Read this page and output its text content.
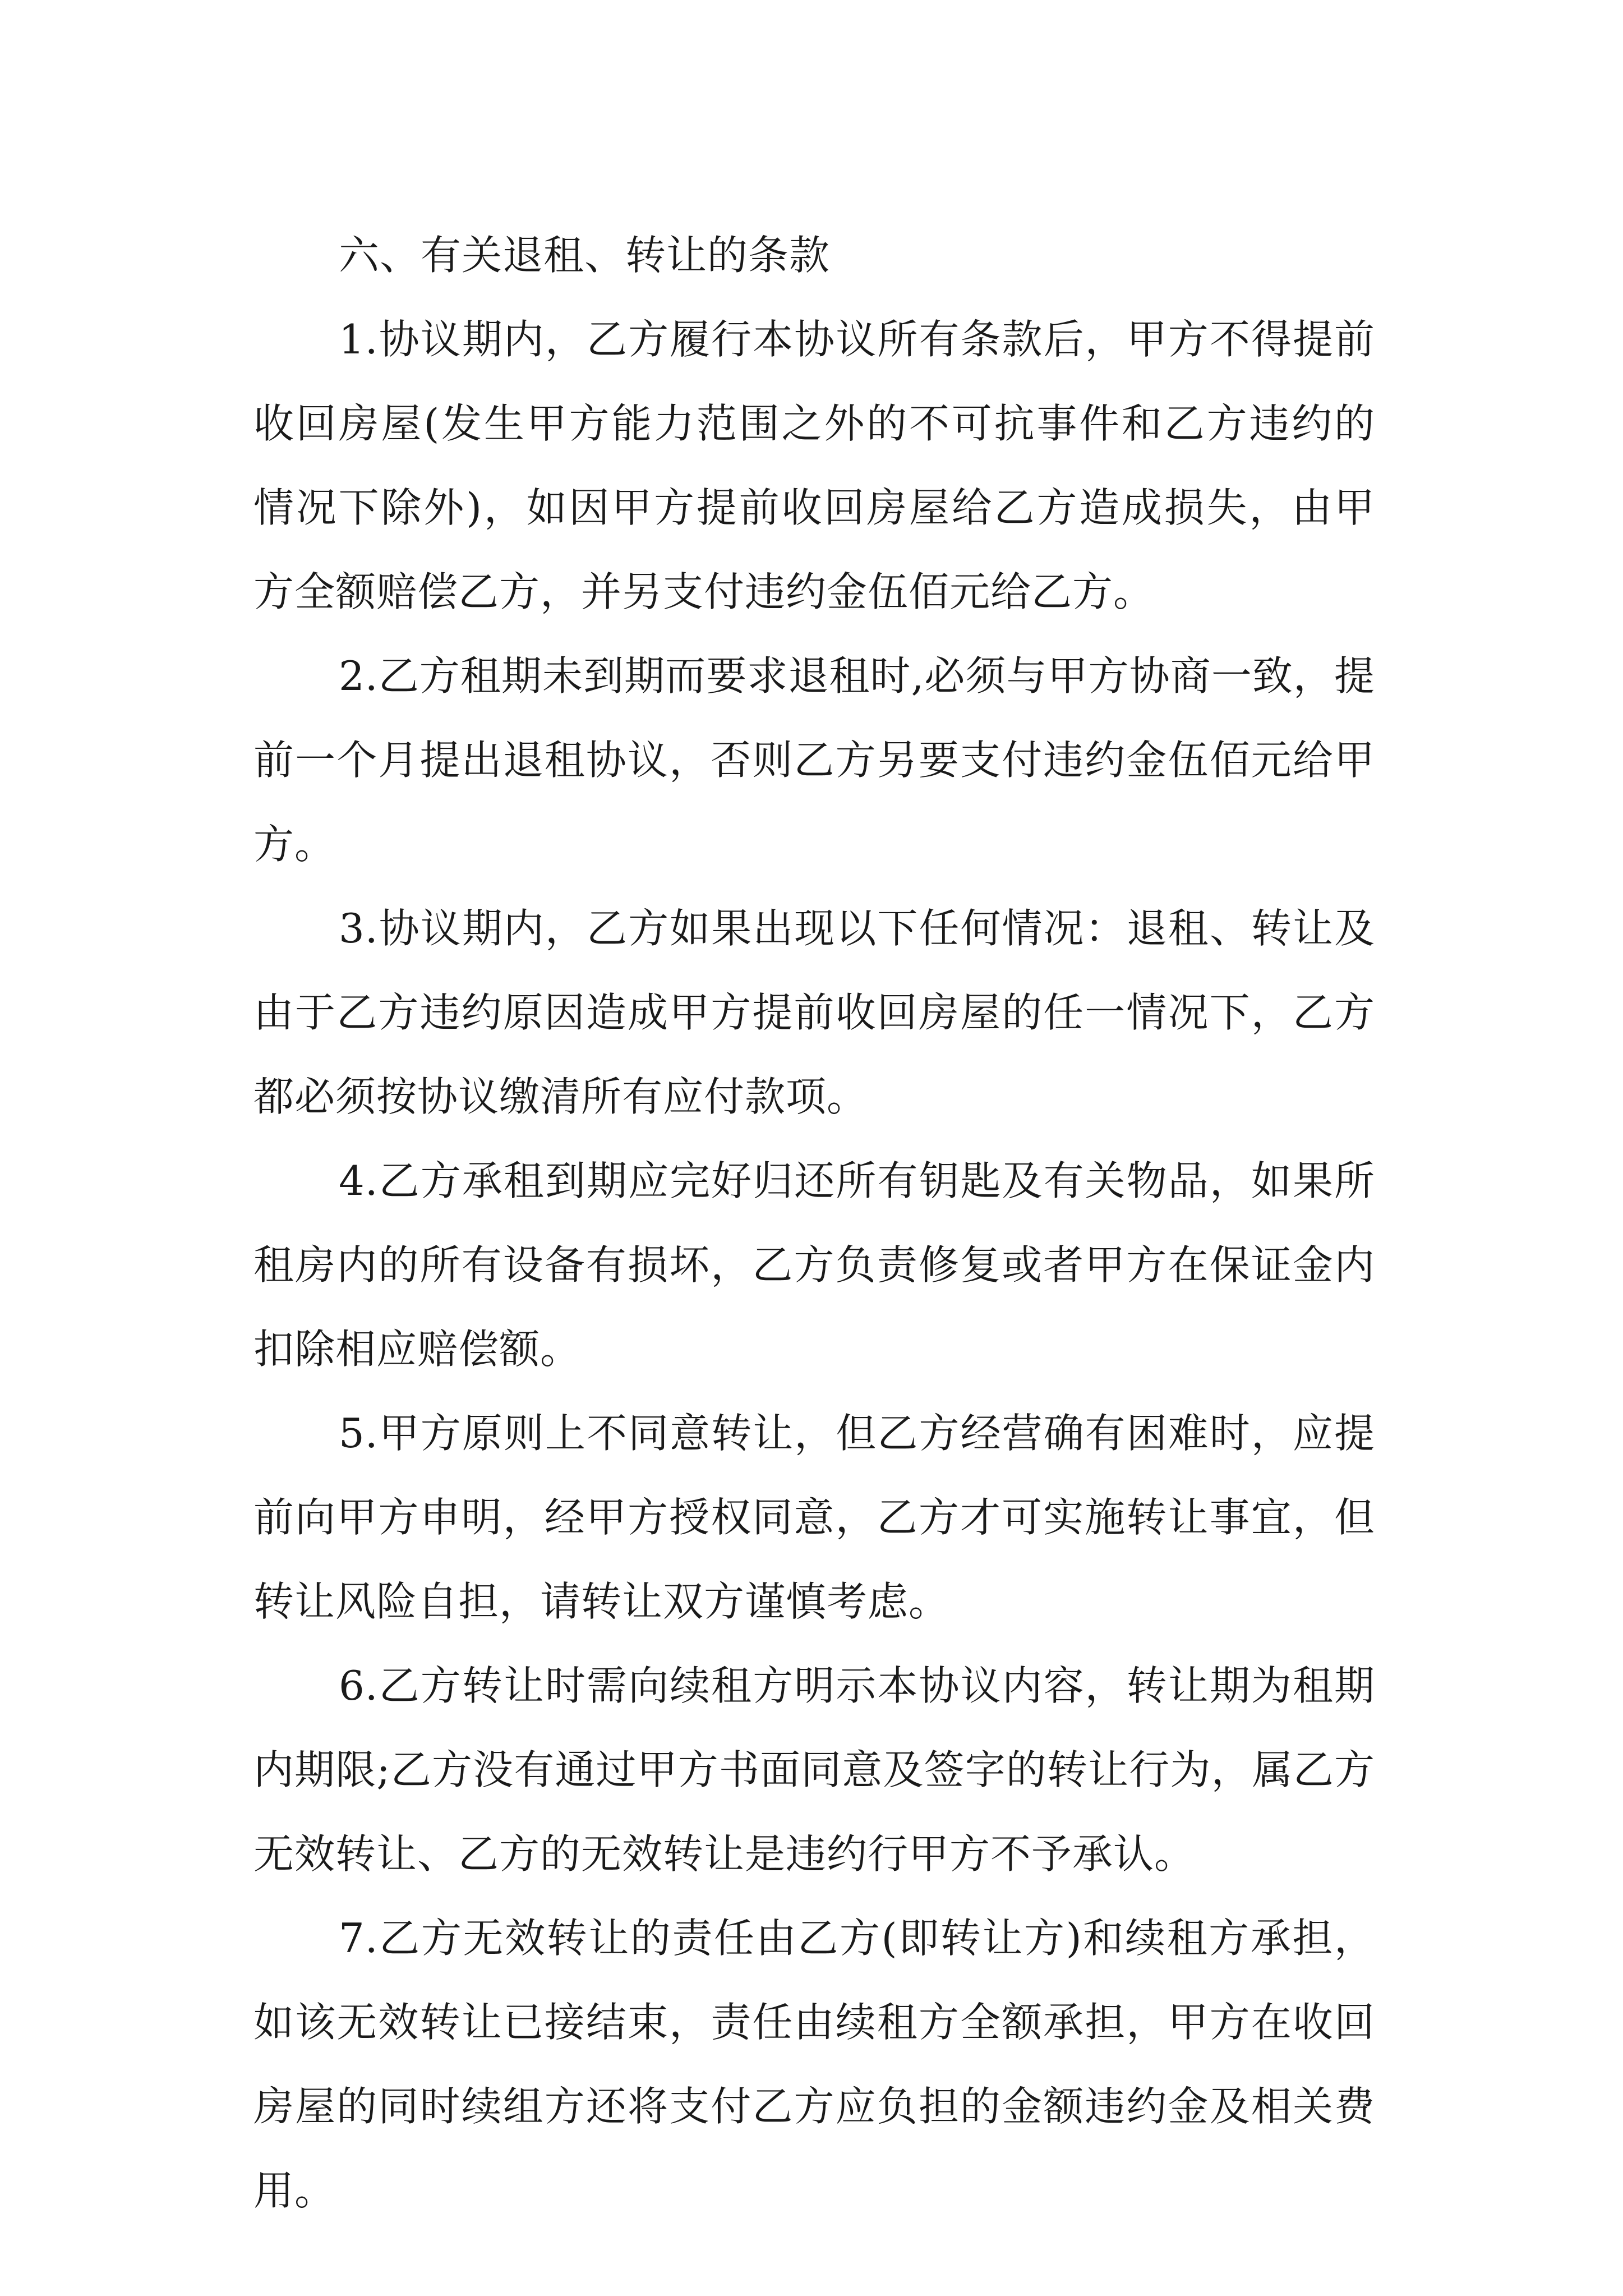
六、有关退租、转让的条款

1.协议期内，乙方履行本协议所有条款后，甲方不得提前收回房屋(发生甲方能力范围之外的不可抗事件和乙方违约的情况下除外)，如因甲方提前收回房屋给乙方造成损失，由甲方全额赔偿乙方，并另支付违约金伍佰元给乙方。

2.乙方租期未到期而要求退租时,必须与甲方协商一致，提前一个月提出退租协议，否则乙方另要支付违约金伍佰元给甲方。

3.协议期内，乙方如果出现以下任何情况：退租、转让及由于乙方违约原因造成甲方提前收回房屋的任一情况下，乙方都必须按协议缴清所有应付款项。

4.乙方承租到期应完好归还所有钥匙及有关物品，如果所租房内的所有设备有损坏，乙方负责修复或者甲方在保证金内扣除相应赔偿额。

5.甲方原则上不同意转让，但乙方经营确有困难时，应提前向甲方申明，经甲方授权同意，乙方才可实施转让事宜，但转让风险自担，请转让双方谨慎考虑。

6.乙方转让时需向续租方明示本协议内容，转让期为租期内期限;乙方没有通过甲方书面同意及签字的转让行为，属乙方无效转让、乙方的无效转让是违约行甲方不予承认。

7.乙方无效转让的责任由乙方(即转让方)和续租方承担，如该无效转让已接结束，责任由续租方全额承担，甲方在收回房屋的同时续组方还将支付乙方应负担的金额违约金及相关费用。
